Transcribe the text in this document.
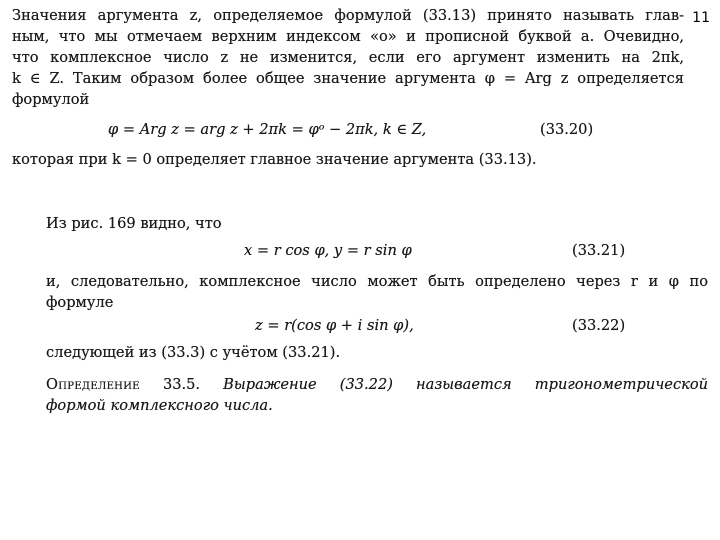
11
Значения аргумента z, определяемое формулой (33.13) принято называть глав-
ным, что мы отмечаем верхним индексом «о» и прописной буквой а. Очевидно,
что комплексное число z не изменится, если его аргумент изменить на 2πk,
k ∈ Z. Таким образом более общее значение аргумента φ = Arg z определяется
формулой
φ = Arg z = arg z + 2πk = φᵒ − 2πk, k ∈ Z,	(33.20)
которая при k = 0 определяет главное значение аргумента (33.13).
Из рис. 169 видно, что
x = r cos φ, y = r sin φ	(33.21)
и, следовательно, комплексное число может быть определено через r и φ по
формуле
z = r(cos φ + i sin φ),	(33.22)
следующей из (33.3) с учётом (33.21).
Определение 33.5. Выражение (33.22) называется тригонометрической
формой комплексного числа.
